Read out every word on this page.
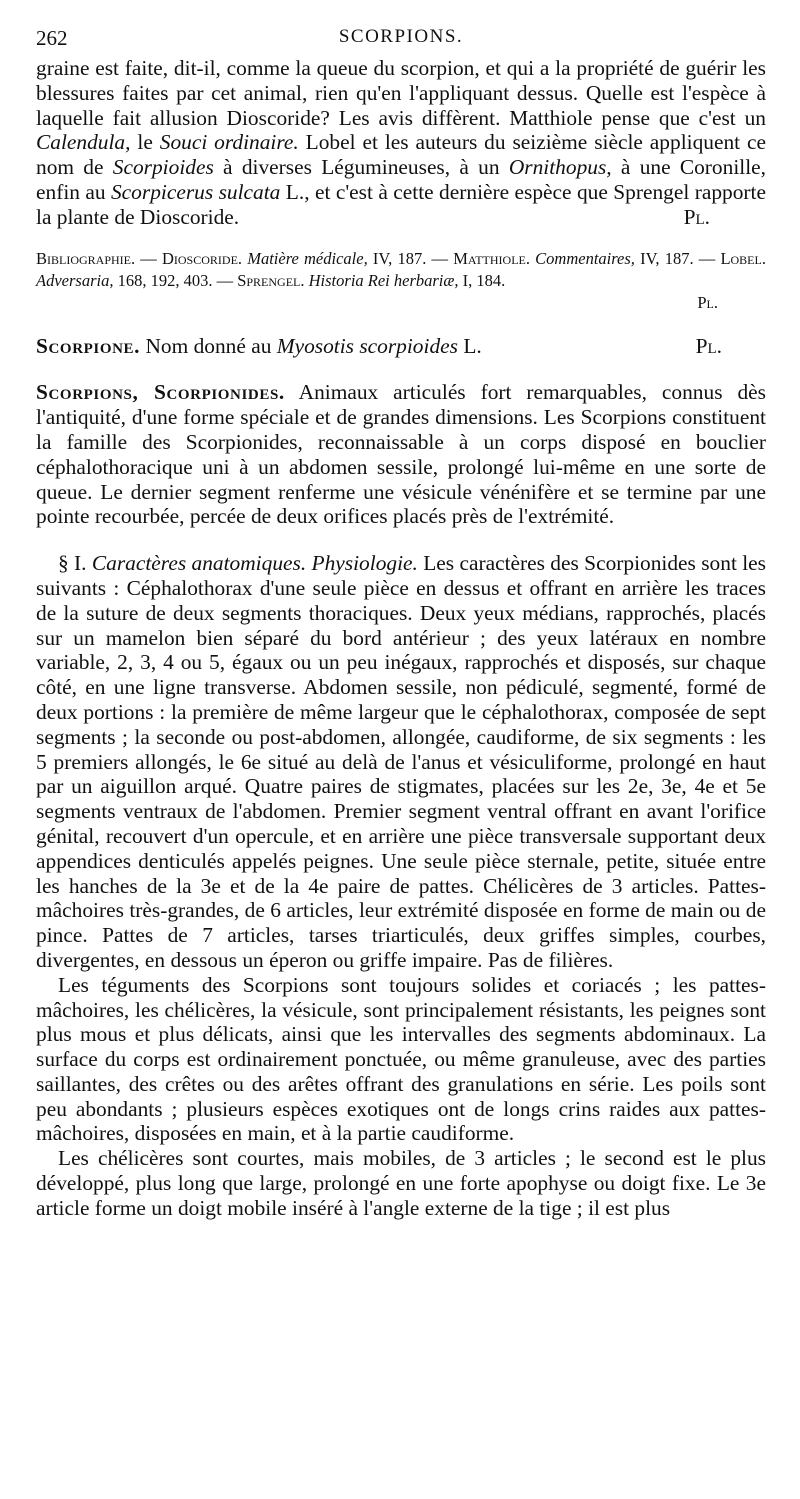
262	SCORPIONS.

graine est faite, dit-il, comme la queue du scorpion, et qui a la propriété de guérir les blessures faites par cet animal, rien qu'en l'appliquant dessus. Quelle est l'espèce à laquelle fait allusion Dioscoride? Les avis diffèrent. Matthiole pense que c'est un Calendula, le Souci ordinaire. Lobel et les auteurs du seizième siècle appliquent ce nom de Scorpioides à diverses Légumineuses, à un Ornithopus, à une Coronille, enfin au Scorpicerus sulcata L., et c'est à cette dernière espèce que Sprengel rapporte la plante de Dioscoride.	Pl.

Bibliographie. — Dioscoride. Matière médicale, IV, 187. — Matthiole. Commentaires, IV, 187. — Lobel. Adversaria, 168, 192, 403. — Sprengel. Historia Rei herbariæ, I, 184.

Pl.

Scorpione. Nom donné au Myosotis scorpioides L.	Pl.

Scorpions, Scorpionides. Animaux articulés fort remarquables, connus dès l'antiquité, d'une forme spéciale et de grandes dimensions. Les Scorpions constituent la famille des Scorpionides, reconnaissable à un corps disposé en bouclier céphalothoracique uni à un abdomen sessile, prolongé lui-même en une sorte de queue. Le dernier segment renferme une vésicule vénénifère et se termine par une pointe recourbée, percée de deux orifices placés près de l'extrémité.

§ I. Caractères anatomiques. Physiologie. Les caractères des Scorpionides sont les suivants : Céphalothorax d'une seule pièce en dessus et offrant en arrière les traces de la suture de deux segments thoraciques. Deux yeux médians, rapprochés, placés sur un mamelon bien séparé du bord antérieur ; des yeux latéraux en nombre variable, 2, 3, 4 ou 5, égaux ou un peu inégaux, rapprochés et disposés, sur chaque côté, en une ligne transverse. Abdomen sessile, non pédiculé, segmenté, formé de deux portions : la première de même largeur que le céphalothorax, composée de sept segments ; la seconde ou post-abdomen, allongée, caudiforme, de six segments : les 5 premiers allongés, le 6e situé au delà de l'anus et vésiculiforme, prolongé en haut par un aiguillon arqué. Quatre paires de stigmates, placées sur les 2e, 3e, 4e et 5e segments ventraux de l'abdomen. Premier segment ventral offrant en avant l'orifice génital, recouvert d'un opercule, et en arrière une pièce transversale supportant deux appendices denticulés appelés peignes. Une seule pièce sternale, petite, située entre les hanches de la 3e et de la 4e paire de pattes. Chélicères de 3 articles. Pattes-mâchoires très-grandes, de 6 articles, leur extrémité disposée en forme de main ou de pince. Pattes de 7 articles, tarses triarticulés, deux griffes simples, courbes, divergentes, en dessous un éperon ou griffe impaire. Pas de filières.

Les téguments des Scorpions sont toujours solides et coriacés ; les pattes-mâchoires, les chélicères, la vésicule, sont principalement résistants, les peignes sont plus mous et plus délicats, ainsi que les intervalles des segments abdominaux. La surface du corps est ordinairement ponctuée, ou même granuleuse, avec des parties saillantes, des crêtes ou des arêtes offrant des granulations en série. Les poils sont peu abondants ; plusieurs espèces exotiques ont de longs crins raides aux pattes-mâchoires, disposées en main, et à la partie caudiforme.

Les chélicères sont courtes, mais mobiles, de 3 articles ; le second est le plus développé, plus long que large, prolongé en une forte apophyse ou doigt fixe. Le 3e article forme un doigt mobile inséré à l'angle externe de la tige ; il est plus
